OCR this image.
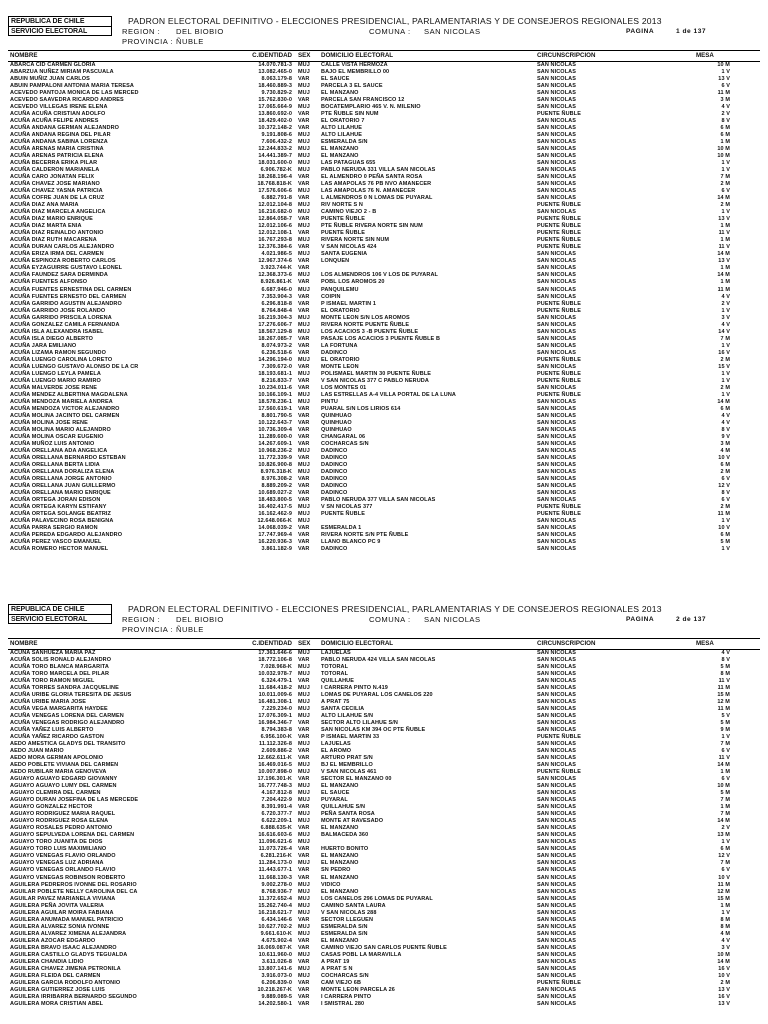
REPUBLICA DE CHILE
SERVICIO ELECTORAL
PADRON ELECTORAL DEFINITIVO - ELECCIONES PRESIDENCIAL, PARLAMENTARIAS Y DE CONSEJEROS REGIONALES 2013
REGION : DEL BIOBIO	COMUNA : SAN NICOLAS	PAGINA	1 de 137
PROVINCIA : ÑUBLE
NOMBRE	C.IDENTIDAD SEX DOMICILIO ELECTORAL	CIRCUNSCRIPCION	MESA
ABARCA CID CARMEN GLORIA	14.070.781-3 MUJ CALLE VISTA HERMOZA	SAN NICOLAS	10 M
ABARZUA NUÑEZ MIRIAM PASCUALA	13.082.465-0 MUJ BAJO EL MEMBRILLO 00	SAN NICOLAS	1 V
ABUIN MUÑIZ JUAN CARLOS	8.063.179-8 VAR EL SAUCE	SAN NICOLAS	13 V
ABUIN PAMPALONI ANTONIA MARIA TERESA	18.460.889-3 MUJ PARCELA 3 EL SAUCE	SAN NICOLAS	6 V
ACEVEDO PANTOJA MONICA DE LAS MERCED	9.730.829-2 MUJ EL MANZANO	SAN NICOLAS	11 M
ACEVEDO SAAVEDRA RICARDO ANDRES	15.762.830-0 VAR PARCELA SAN FRANCISCO 12	SAN NICOLAS	3 M
ACEVEDO VILLEGAS IRENE ELENA	17.065.664-9 MUJ BOCATEMPLARIO 465 V. N. MILENIO	SAN NICOLAS	4 V
ACUÑA ACUÑA CRISTIAN ADOLFO	13.860.692-0 VAR PTE ÑUBLE SIN NUM	PUENTE ÑUBLE	2 V
ACUÑA ACUÑA FELIPE ANDRES	18.429.402-0 VAR EL ORATORIO 7	SAN NICOLAS	8 V
ACUÑA ANDANA GERMAN ALEJANDRO	10.372.148-2 VAR ALTO LILAHUE	SAN NICOLAS	6 M
ACUÑA ANDANA REGINA DEL PILAR	9.191.808-6 MUJ ALTO LILAHUE	SAN NICOLAS	6 M
ACUÑA ANDANA SABINA LORENZA	7.606.432-2 MUJ ESMERALDA S/N	SAN NICOLAS	1 M
ACUÑA ARENAS MARIA CRISTINA	12.244.833-2 MUJ EL MANZANO	SAN NICOLAS	10 M
ACUÑA ARENAS PATRICIA ELENA	14.441.389-7 MUJ EL MANZANO	SAN NICOLAS	10 M
ACUÑA BECERRA ERIKA PILAR	18.031.600-0 MUJ LAS PATAGUAS 655	SAN NICOLAS	1 V
ACUÑA CALDERON MARIANELA	6.906.782-K MUJ PABLO NERUDA 331 VILLA SAN NICOLAS	SAN NICOLAS	1 V
ACUÑA CARO JONATAN FELIX	18.268.196-4 VAR EL ALMENDRO 0 PEÑA SANTA ROSA	SAN NICOLAS	7 M
ACUÑA CHAVEZ JOSE MARIANO	18.768.818-K VAR LAS AMAPOLAS 76 PB NVO AMANECER	SAN NICOLAS	2 M
ACUÑA CHAVEZ YASNA PATRICIA	17.576.606-6 MUJ LAS AMAPOLAS 76 N. AMANECER	SAN NICOLAS	6 V
ACUÑA COFRE JUAN DE LA CRUZ	6.882.791-8 VAR L ALMENDROS 0 N LOMAS DE PUYARAL	SAN NICOLAS	14 M
ACUÑA DIAZ ANA MARIA	12.012.104-8 MUJ RIV NORTE S N	PUENTE ÑUBLE	2 M
ACUÑA DIAZ MARCELA ANGELICA	16.216.682-0 MUJ CAMINO VIEJO 2 - B	SAN NICOLAS	1 V
ACUÑA DIAZ MARIO ENRIQUE	12.864.058-7 VAR PUENTE ÑUBLE	PUENTE ÑUBLE	13 V
ACUÑA DIAZ MARTA ENIA	12.012.106-6 MUJ PTE ÑUBLE RIVERA NORTE SIN NUM	PUENTE ÑUBLE	1 M
ACUÑA DIAZ REINALDO ANTONIO	12.012.108-1 VAR PUENTE ÑUBLE	PUENTE ÑUBLE	11 V
ACUÑA DIAZ RUTH MACARENA	16.767.293-8 MUJ RIVERA NORTE SIN NUM	PUENTE ÑUBLE	1 M
ACUÑA DURAN CARLOS ALEJANDRO	12.376.384-6 VAR V SAN NICOLAS 424	PUENTE ÑUBLE	11 V
ACUÑA ERIZA IRMA DEL CARMEN	4.021.986-5 MUJ SANTA EUGENIA	SAN NICOLAS	14 M
ACUÑA ESPINOZA ROBERTO CARLOS	12.967.374-6 VAR LONQUEN	SAN NICOLAS	13 V
ACUÑA EYZAGUIRRE GUSTAVO LEONEL	3.923.744-K VAR	SAN NICOLAS	1 M
ACUÑA FAUNDEZ SARA DERMINDA	12.368.373-6 MUJ LOS ALMENDROS 106 V LOS DE PUYARAL	SAN NICOLAS	14 M
ACUÑA FUENTES ALFONSO	8.926.861-K VAR POBL LOS AROMOS 20	SAN NICOLAS	1 M
ACUÑA FUENTES ERNESTINA DEL CARMEN	6.687.946-0 MUJ PANQUILEMU	SAN NICOLAS	11 M
ACUÑA FUENTES ERNESTO DEL CARMEN	7.353.904-3 VAR COIPIN	SAN NICOLAS	4 V
ACUÑA GARRIDO AGUSTIN ALEJANDRO	6.296.818-8 VAR P ISMAEL MARTIN 1	PUENTE ÑUBLE	2 V
ACUÑA GARRIDO JOSE ROLANDO	8.764.848-4 VAR EL ORATORIO	PUENTE ÑUBLE	1 V
ACUÑA GARRIDO PRISCILA LORENA	16.219.304-3 MUJ MONTE LEON S/N LOS AROMOS	SAN NICOLAS	3 V
ACUÑA GONZALEZ CAMILA FERNANDA	17.276.606-7 MUJ RIVERA NORTE PUENTE ÑUBLE	SAN NICOLAS	4 V
ACUÑA ISLA ALEXANDRA ISABEL	18.567.129-8 MUJ LOS ACACIOS 3 -B PUENTE ÑUBLE	SAN NICOLAS	14 V
ACUÑA ISLA DIEGO ALBERTO	18.267.085-7 VAR PASAJE LOS ACACIOS 3 PUENTE ÑUBLE B	SAN NICOLAS	7 M
ACUÑA JARA EMILIANO	8.074.973-2 VAR LA FORTUNA	SAN NICOLAS	1 V
ACUÑA LIZAMA RAMON SEGUNDO	6.236.518-6 VAR DADINCO	SAN NICOLAS	16 V
ACUÑA LUENGO CAROLINA LORETO	14.296.194-0 MUJ EL ORATORIO	PUENTE ÑUBLE	2 M
ACUÑA LUENGO GUSTAVO ALONSO DE LA CR	7.309.672-0 VAR MONTE LEON	SAN NICOLAS	15 V
ACUÑA LUENGO LEYLA PAMELA	18.193.681-1 MUJ POLISMAEL MARTIN 30 PUENTE ÑUBLE	PUENTE ÑUBLE	1 V
ACUÑA LUENGO MARIO RAMIRO	8.216.833-7 VAR V SAN NICOLAS 377 C PABLO NERUDA	PUENTE ÑUBLE	1 V
ACUÑA MALVERDE JOSE RENE	10.234.011-6 VAR LOS MONTES 01	SAN NICOLAS	2 M
ACUÑA MENDEZ ALBERTINA MAGDALENA	10.166.109-1 MUJ LAS ESTRELLAS A-4 VILLA PORTAL DE LA LUNA	PUENTE ÑUBLE	1 V
ACUÑA MENDOZA MARIELA ANDREA	18.578.236-1 MUJ PINTU	SAN NICOLAS	14 M
ACUÑA MENDOZA VICTOR ALEJANDRO	17.560.619-1 VAR PUARAL S/N LOS LIRIOS 614	SAN NICOLAS	6 M
ACUÑA MOLINA JACINTO DEL CARMEN	8.801.790-5 VAR QUINHUAO	SAN NICOLAS	4 V
ACUÑA MOLINA JOSE RENE	10.122.643-7 VAR QUINHUAO	SAN NICOLAS	4 V
ACUÑA MOLINA MARIO ALEJANDRO	10.736.309-4 VAR QUINHUAO	SAN NICOLAS	8 V
ACUÑA MOLINA OSCAR EUGENIO	11.289.600-0 VAR CHANGARAL 06	SAN NICOLAS	9 V
ACUÑA MUÑOZ LUIS ANTONIO	14.267.609-1 VAR COCHARCAS S/N	SAN NICOLAS	3 M
ACUÑA ORELLANA ADA ANGELICA	10.968.236-2 MUJ DADINCO	SAN NICOLAS	4 M
ACUÑA ORELLANA BERNARDO ESTEBAN	11.772.339-9 VAR DADINCO	SAN NICOLAS	10 V
ACUÑA ORELLANA BERTA LIDIA	10.826.900-8 MUJ DADINCO	SAN NICOLAS	6 M
ACUÑA ORELLANA DORALIZA ELENA	8.976.318-K MUJ DADINCO	SAN NICOLAS	2 M
ACUÑA ORELLANA JORGE ANTONIO	8.976.308-2 VAR DADINCO	SAN NICOLAS	6 V
ACUÑA ORELLANA JUAN GUILLERMO	8.889.209-2 VAR DADINCO	SAN NICOLAS	12 V
ACUÑA ORELLANA MARIO ENRIQUE	10.689.027-2 VAR DADINCO	SAN NICOLAS	8 V
ACUÑA ORTEGA JORAN EDISON	18.483.800-5 VAR PABLO NERUDA 377 VILLA SAN NICOLAS	SAN NICOLAS	6 V
ACUÑA ORTEGA KARYN ESTIFANY	16.402.417-5 MUJ V SN NICOLAS 377	PUENTE ÑUBLE	2 M
ACUÑA ORTEGA SOLANGE BEATRIZ	16.162.462-9 MUJ PUENTE ÑUBLE	PUENTE ÑUBLE	11 M
ACUÑA PALAVECINO ROSA BENIGNA	12.648.066-K MUJ	SAN NICOLAS	1 V
ACUÑA PARRA SERGIO RAMON	14.068.039-2 VAR ESMERALDA 1	SAN NICOLAS	10 V
ACUÑA PEREDA EDGARDO ALEJANDRO	17.747.969-4 VAR RIVERA NORTE S/N PTE ÑUBLE	SAN NICOLAS	6 M
ACUÑA PEREZ VASCO EMANUEL	16.220.936-3 VAR LLANO BLANCO PC 9	SAN NICOLAS	5 M
ACUÑA ROMERO HECTOR MANUEL	3.861.182-9 VAR DADINCO	SAN NICOLAS	1 V
REPUBLICA DE CHILE
SERVICIO ELECTORAL
PADRON ELECTORAL DEFINITIVO - ELECCIONES PRESIDENCIAL, PARLAMENTARIAS Y DE CONSEJEROS REGIONALES 2013
REGION : DEL BIOBIO	COMUNA : SAN NICOLAS	PAGINA	2 de 137
PROVINCIA : ÑUBLE
NOMBRE	C.IDENTIDAD SEX DOMICILIO ELECTORAL	CIRCUNSCRIPCION	MESA
ACUÑA SANHUEZA MARIA PAZ	17.361.646-6 MUJ LAJUELAS	SAN NICOLAS	4 V
ACUÑA SOLIS RONALD ALEJANDRO	18.772.106-8 VAR PABLO NERUDA 424 VILLA SAN NICOLAS	SAN NICOLAS	8 V
ACUÑA TORO BLANCA MARGARITA	7.028.968-K MUJ TOTORAL	SAN NICOLAS	5 M
ACUÑA TORO MARCELA DEL PILAR	10.032.978-7 MUJ TOTORAL	SAN NICOLAS	8 M
ACUÑA TORO RAMON MIGUEL	6.324.479-1 VAR QUILLAHUE	SAN NICOLAS	11 V
ACUÑA TORRES SANDRA JACQUELINE	11.684.418-2 MUJ I CARRERA PINTO N.419	SAN NICOLAS	11 M
ACUÑA URIBE GLORIA TERESITA DE JESUS	10.011.009-6 MUJ LOMAS DE PUYARAL LOS CANELOS 220	SAN NICOLAS	15 M
ACUÑA URIBE MARIA JOSE	16.481.308-1 MUJ A PRAT 75	SAN NICOLAS	12 M
ACUÑA VEGA MARGARITA HAYDEE	7.229.234-0 MUJ SANTA CECILIA	SAN NICOLAS	11 M
ACUÑA VENEGAS LORENA DEL CARMEN	17.076.309-1 MUJ ALTO LILAHUE S/N	SAN NICOLAS	5 V
ACUÑA VENEGAS RODRIGO ALEJANDRO	16.984.346-7 VAR SECTOR ALTO LILAHUE S/N	SAN NICOLAS	5 M
ACUÑA YAÑEZ LUIS ALBERTO	8.794.383-8 VAR SAN NICOLAS KM 394 OC PTE ÑUBLE	SAN NICOLAS	9 M
ACUÑA YAÑEZ RICARDO GASTON	6.956.100-K VAR P ISMAEL MARTIN 33	PUENTE ÑUBLE	1 V
AEDO AMESTICA GLADYS DEL TRANSITO	11.112.326-8 MUJ LAJUELAS	SAN NICOLAS	7 M
AEDO JUAN MARIO	2.609.886-2 VAR EL AROMO	SAN NICOLAS	6 V
AEDO MORA GERMAN APOLONIO	12.662.611-K VAR ARTURO PRAT S/N	SAN NICOLAS	11 V
AEDO POBLETE VIVIANA DEL CARMEN	16.469.016-5 MUJ BJ EL MEMBRILLO	SAN NICOLAS	14 M
AEDO RUBILAR MARIA GENOVEVA	10.007.898-0 MUJ V SAN NICOLAS 461	PUENTE ÑUBLE	1 M
AGUAYO AGUAYO EDGARD GIOVANNY	17.196.301-K VAR SECTOR EL MANZANO 00	SAN NICOLAS	6 V
AGUAYO AGUAYO LUMY DEL CARMEN	16.777.748-3 MUJ EL MANZANO	SAN NICOLAS	10 M
AGUAYO CLEMIRA DEL CARMEN	4.167.812-8 MUJ EL SAUCE	SAN NICOLAS	5 M
AGUAYO DURAN JOSEFINA DE LAS MERCEDE	7.204.422-9 MUJ PUYARAL	SAN NICOLAS	7 M
AGUAYO GONZALEZ HECTOR	8.391.991-4 VAR QUILLAHUE S/N	SAN NICOLAS	1 M
AGUAYO RODRIGUEZ MARIA RAQUEL	6.720.377-7 MUJ PEÑA SANTA ROSA	SAN NICOLAS	7 M
AGUAYO RODRIGUEZ ROSA ELENA	6.622.209-1 MUJ MONTE AT RAVESADO	SAN NICOLAS	14 M
AGUAYO ROSALES PEDRO ANTONIO	6.888.635-K VAR EL MANZANO	SAN NICOLAS	2 V
AGUAYO SEPULVEDA LORENA DEL CARMEN	16.616.603-6 MUJ BALMACEDA 360	SAN NICOLAS	13 M
AGUAYO TORO JUANITA DE DIOS	11.096.621-6 MUJ	SAN NICOLAS	1 V
AGUAYO TORO LUIS MAXIMILIANO	11.073.726-4 VAR HUERTO BONITO	SAN NICOLAS	6 M
AGUAYO VENEGAS FLAVIO ORLANDO	6.281.216-K VAR EL MANZANO	SAN NICOLAS	12 V
AGUAYO VENEGAS LUZ ADRIANA	11.284.173-0 MUJ EL MANZANO	SAN NICOLAS	7 M
AGUAYO VENEGAS ORLANDO FLAVIO	11.443.677-1 VAR SN PEDRO	SAN NICOLAS	6 V
AGUAYO VENEGAS ROBINSON ROBERTO	11.668.130-3 VAR EL MANZANO	SAN NICOLAS	10 V
AGUILERA PEDREROS IVONNE DEL ROSARIO	9.002.278-0 MUJ VIDICO	SAN NICOLAS	11 M
AGUILAR POBLETE NELLY CAROLINA DEL CA	8.768.936-7 MUJ EL MANZANO	SAN NICOLAS	12 M
AGUILAR PAVEZ MARIANELA VIVIANA	11.372.652-4 MUJ LOS CANELOS 296 LOMAS DE PUYARAL	SAN NICOLAS	15 M
AGUILERA PEÑA JOVITA VALERIA	15.262.740-4 MUJ CAMINO SANTA LAURA	SAN NICOLAS	1 M
AGUILERA AGUILAR MOIRA FABIANA	16.218.621-7 MUJ V SAN NICOLAS 288	SAN NICOLAS	1 V
AGUILERA ANUMADA MANUEL PATRICIO	6.434.146-6 VAR SECTOR LLEGUEN	SAN NICOLAS	8 M
AGUILERA ALVAREZ SONIA IVONNE	10.627.702-2 MUJ ESMERALDA S/N	SAN NICOLAS	8 M
AGUILERA ALVAREZ XIMENA ALEJANDRA	9.661.610-K MUJ ESMERALDA S/N	SAN NICOLAS	4 M
AGUILERA AZOCAR EDGARDO	4.675.902-4 VAR EL MANZANO	SAN NICOLAS	4 V
AGUILERA BRAVO ISAAC ALEJANDRO	16.069.087-K VAR CAMINO VIEJO SAN CARLOS PUENTE ÑUBLE	SAN NICOLAS	3 V
AGUILERA CASTILLO GLADYS TEGUALDA	10.611.960-0 MUJ CASAS POBL LA MARAVILLA	SAN NICOLAS	10 M
AGUILERA CHANDIA LIDIO	3.611.026-8 VAR A PRAT 19	SAN NICOLAS	14 M
AGUILERA CHAVEZ JIMENA PETRONILA	13.807.141-6 MUJ A PRAT S N	SAN NICOLAS	16 V
AGUILERA FLEIDA DEL CARMEN	3.916.073-0 MUJ COCHARCAS S/N	SAN NICOLAS	10 V
AGUILERA GARCIA RODOLFO ANTONIO	6.206.839-0 VAR CAM VIEJO 6B	PUENTE ÑUBLE	2 M
AGUILERA GUTIERREZ JOSE LUIS	10.218.267-K VAR MONTE LEON PARCELA 26	SAN NICOLAS	13 V
AGUILERA IRRIBARRA BERNARDO SEGUNDO	9.889.089-5 VAR I CARRERA PINTO	SAN NICOLAS	16 V
AGUILERA MORA CRISTIAN ABEL	14.202.580-1 VAR I SMISTRAL 280	SAN NICOLAS	13 V
